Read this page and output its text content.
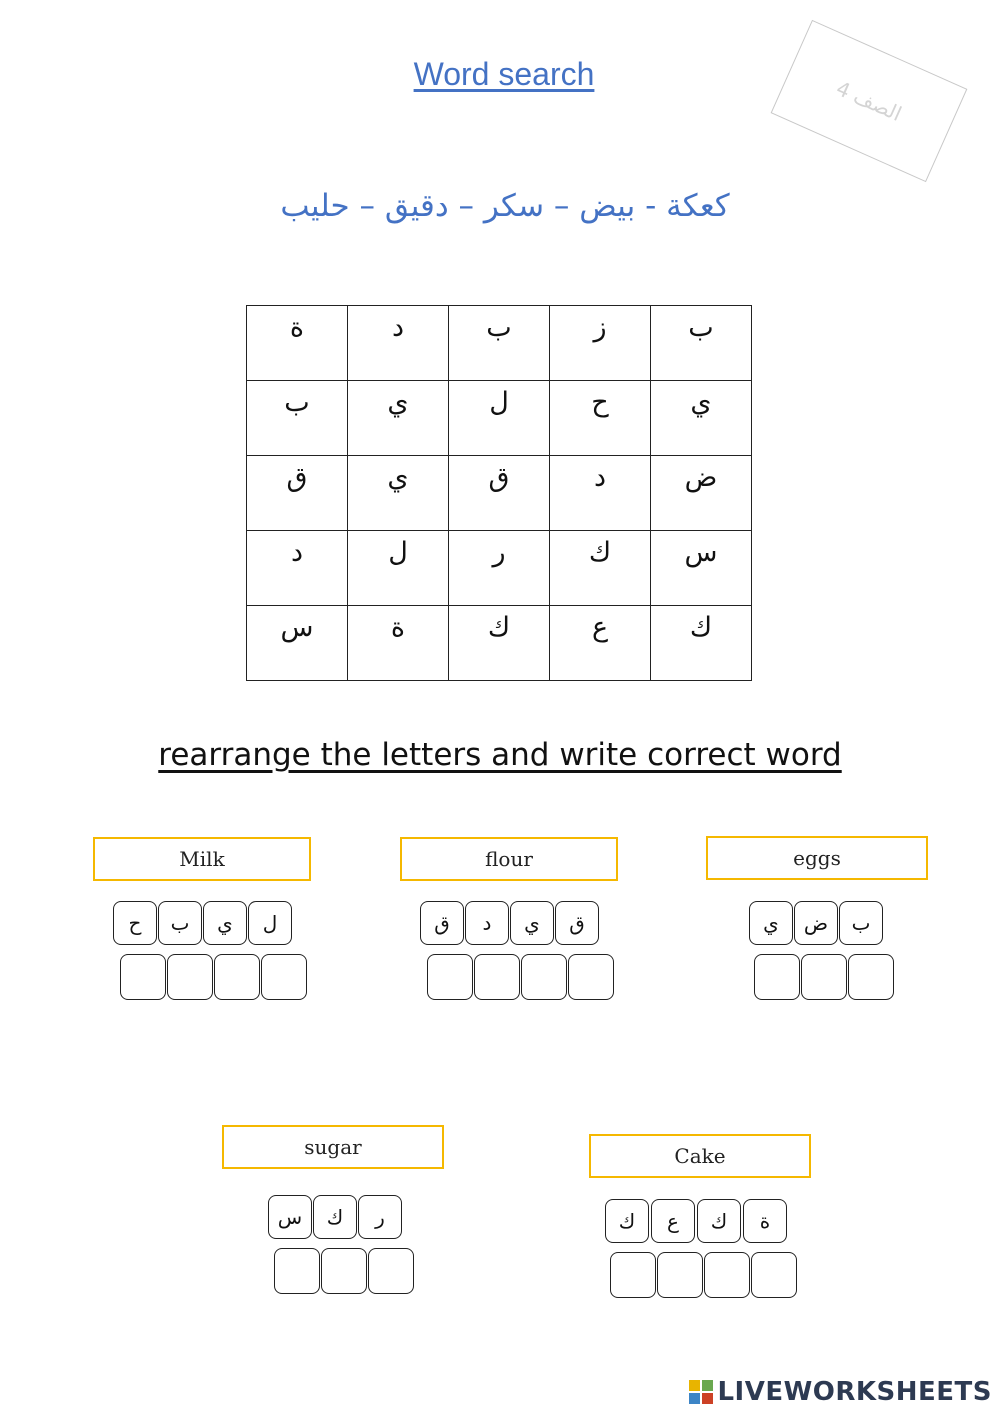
Word search	الصف 4
كعكة - بيض – سكر – دقيق – حليب
ة	د	ب	ز	ب
ب	ي	ل	ح	ي
ق	ي	ق	د	ض
د	ل	ر	ك	س
س	ة	ك	ع	ك
rearrange the letters and write correct word
Milk
ح	ب	ي	ل
flour
ق	د	ي	ق
eggs
ي	ض	ب
sugar
س	ك	ر
Cake
ك	ع	ك	ة
LIVEWORKSHEETS
